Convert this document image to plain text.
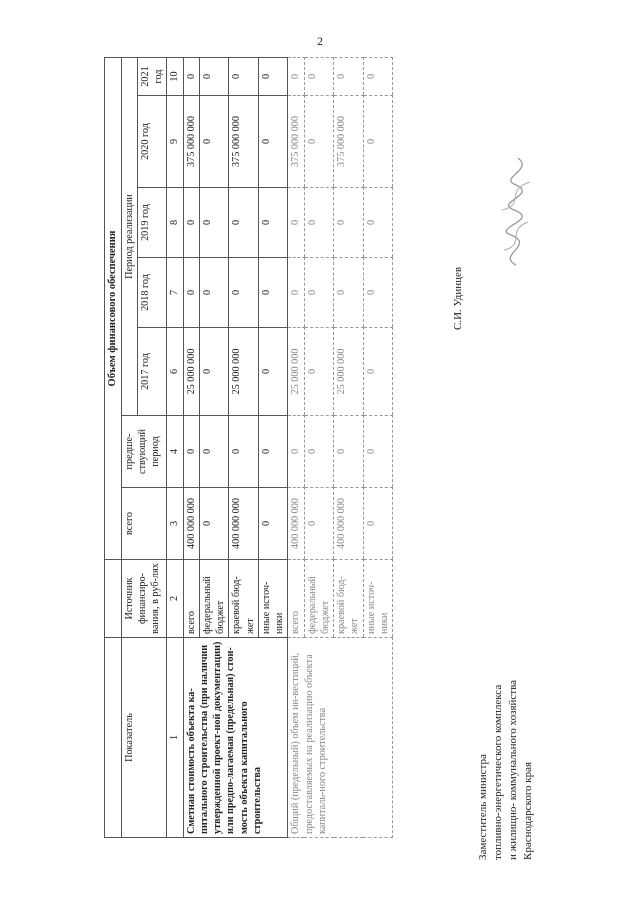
2
		Объем финансового обеспечения						
Показатель	Источник финансиро-вания, в руб-лях	всего	предше-ствующий период	Период реализации				
				2017 год	2018 год	2019 год	2020 год	2021 год
1	2	3	4	6	7	8	9	10
Сметная стоимость объекта ка-питального строительства (при наличии утвержденной проект-ной документации) или предпо-лагаемая (предельная) стои-мость объекта капитального строительства	всего	400 000 000	0	25 000 000	0	0	375 000 000	0
	федеральный бюджет	0	0	0	0	0	0	0
	краевой бюд-жет	400 000 000	0	25 000 000	0	0	375 000 000	0
	иные источ-ники	0	0	0	0	0	0	0
Общий (предельный) объем ин-вестиций, предоставляемых на реализацию объекта капиталь-ного строительства	всего	400 000 000	0	25 000 000	0	0	375 000 000	0
	федеральный бюджет	0	0	0	0	0	0	0
	краевой бюд-жет	400 000 000	0	25 000 000	0	0	375 000 000	0
	иные источ-ники	0	0	0	0	0	0	0
С.И. Удинцев
Заместитель министра топливно-энергетического комплекса и жилищно- коммунального хозяйства Краснодарского края
